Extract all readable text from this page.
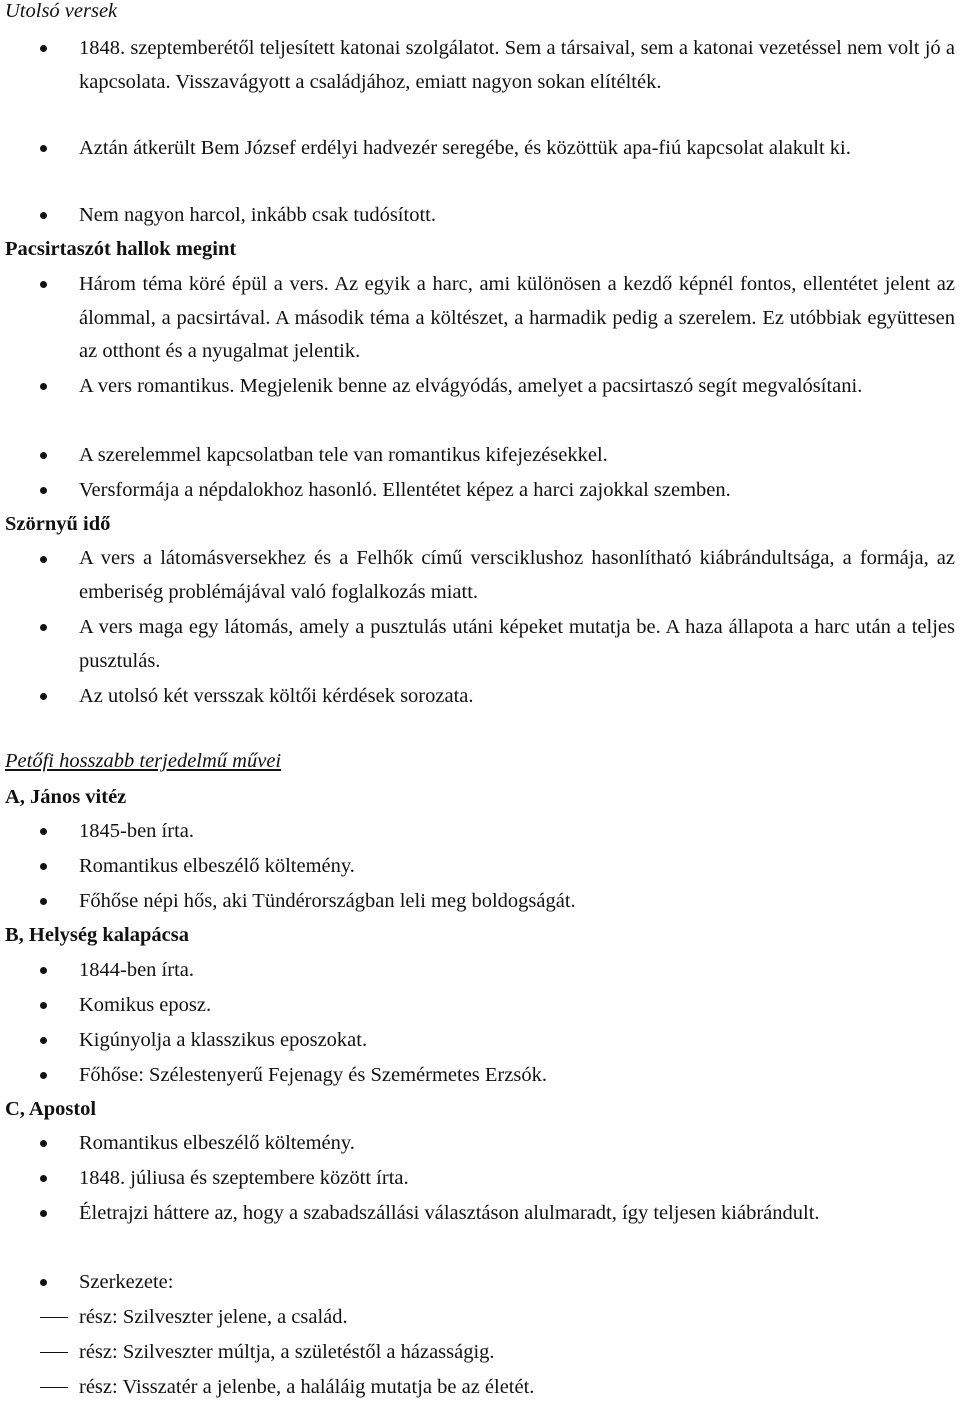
Utolsó versek
1848. szeptemberétől teljesített katonai szolgálatot. Sem a társaival, sem a katonai vezetéssel nem volt jó a kapcsolata. Visszavágyott a családjához, emiatt nagyon sokan elítélték.
Aztán átkerült Bem József erdélyi hadvezér seregébe, és közöttük apa-fiú kapcsolat alakult ki.
Nem nagyon harcol, inkább csak tudósított.
Pacsirtaszót hallok megint
Három téma köré épül a vers. Az egyik a harc, ami különösen a kezdő képnél fontos, ellentétet jelent az álommal, a pacsirtával. A második téma a költészet, a harmadik pedig a szerelem. Ez utóbbiak együttesen az otthont és a nyugalmat jelentik.
A vers romantikus. Megjelenik benne az elvágyódás, amelyet a pacsirtaszó segít megvalósítani.
A szerelemmel kapcsolatban tele van romantikus kifejezésekkel.
Versformája a népdalokhoz hasonló. Ellentétet képez a harci zajokkal szemben.
Szörnyű idő
A vers a látomásversekhez és a Felhők című versciklushoz hasonlítható kiábrándultsága, a formája, az emberiség problémájával való foglalkozás miatt.
A vers maga egy látomás, amely a pusztulás utáni képeket mutatja be. A haza állapota a harc után a teljes pusztulás.
Az utolsó két versszak költői kérdések sorozata.
Petőfi hosszabb terjedelmű művei
A, János vitéz
1845-ben írta.
Romantikus elbeszélő költemény.
Főhőse népi hős, aki Tündérországban leli meg boldogságát.
B, Helység kalapácsa
1844-ben írta.
Komikus eposz.
Kigúnyolja a klasszikus eposzokat.
Főhőse: Szélestenyerű Fejenagy és Szemérmetes Erzsók.
C, Apostol
Romantikus elbeszélő költemény.
1848. júliusa és szeptembere között írta.
Életrajzi háttere az, hogy a szabadszállási választáson alulmaradt, így teljesen kiábrándult.
Szerkezete:
rész: Szilveszter jelene, a család.
rész: Szilveszter múltja, a születéstől a házasságig.
rész: Visszatér a jelenbe, a haláláig mutatja be az életét.
